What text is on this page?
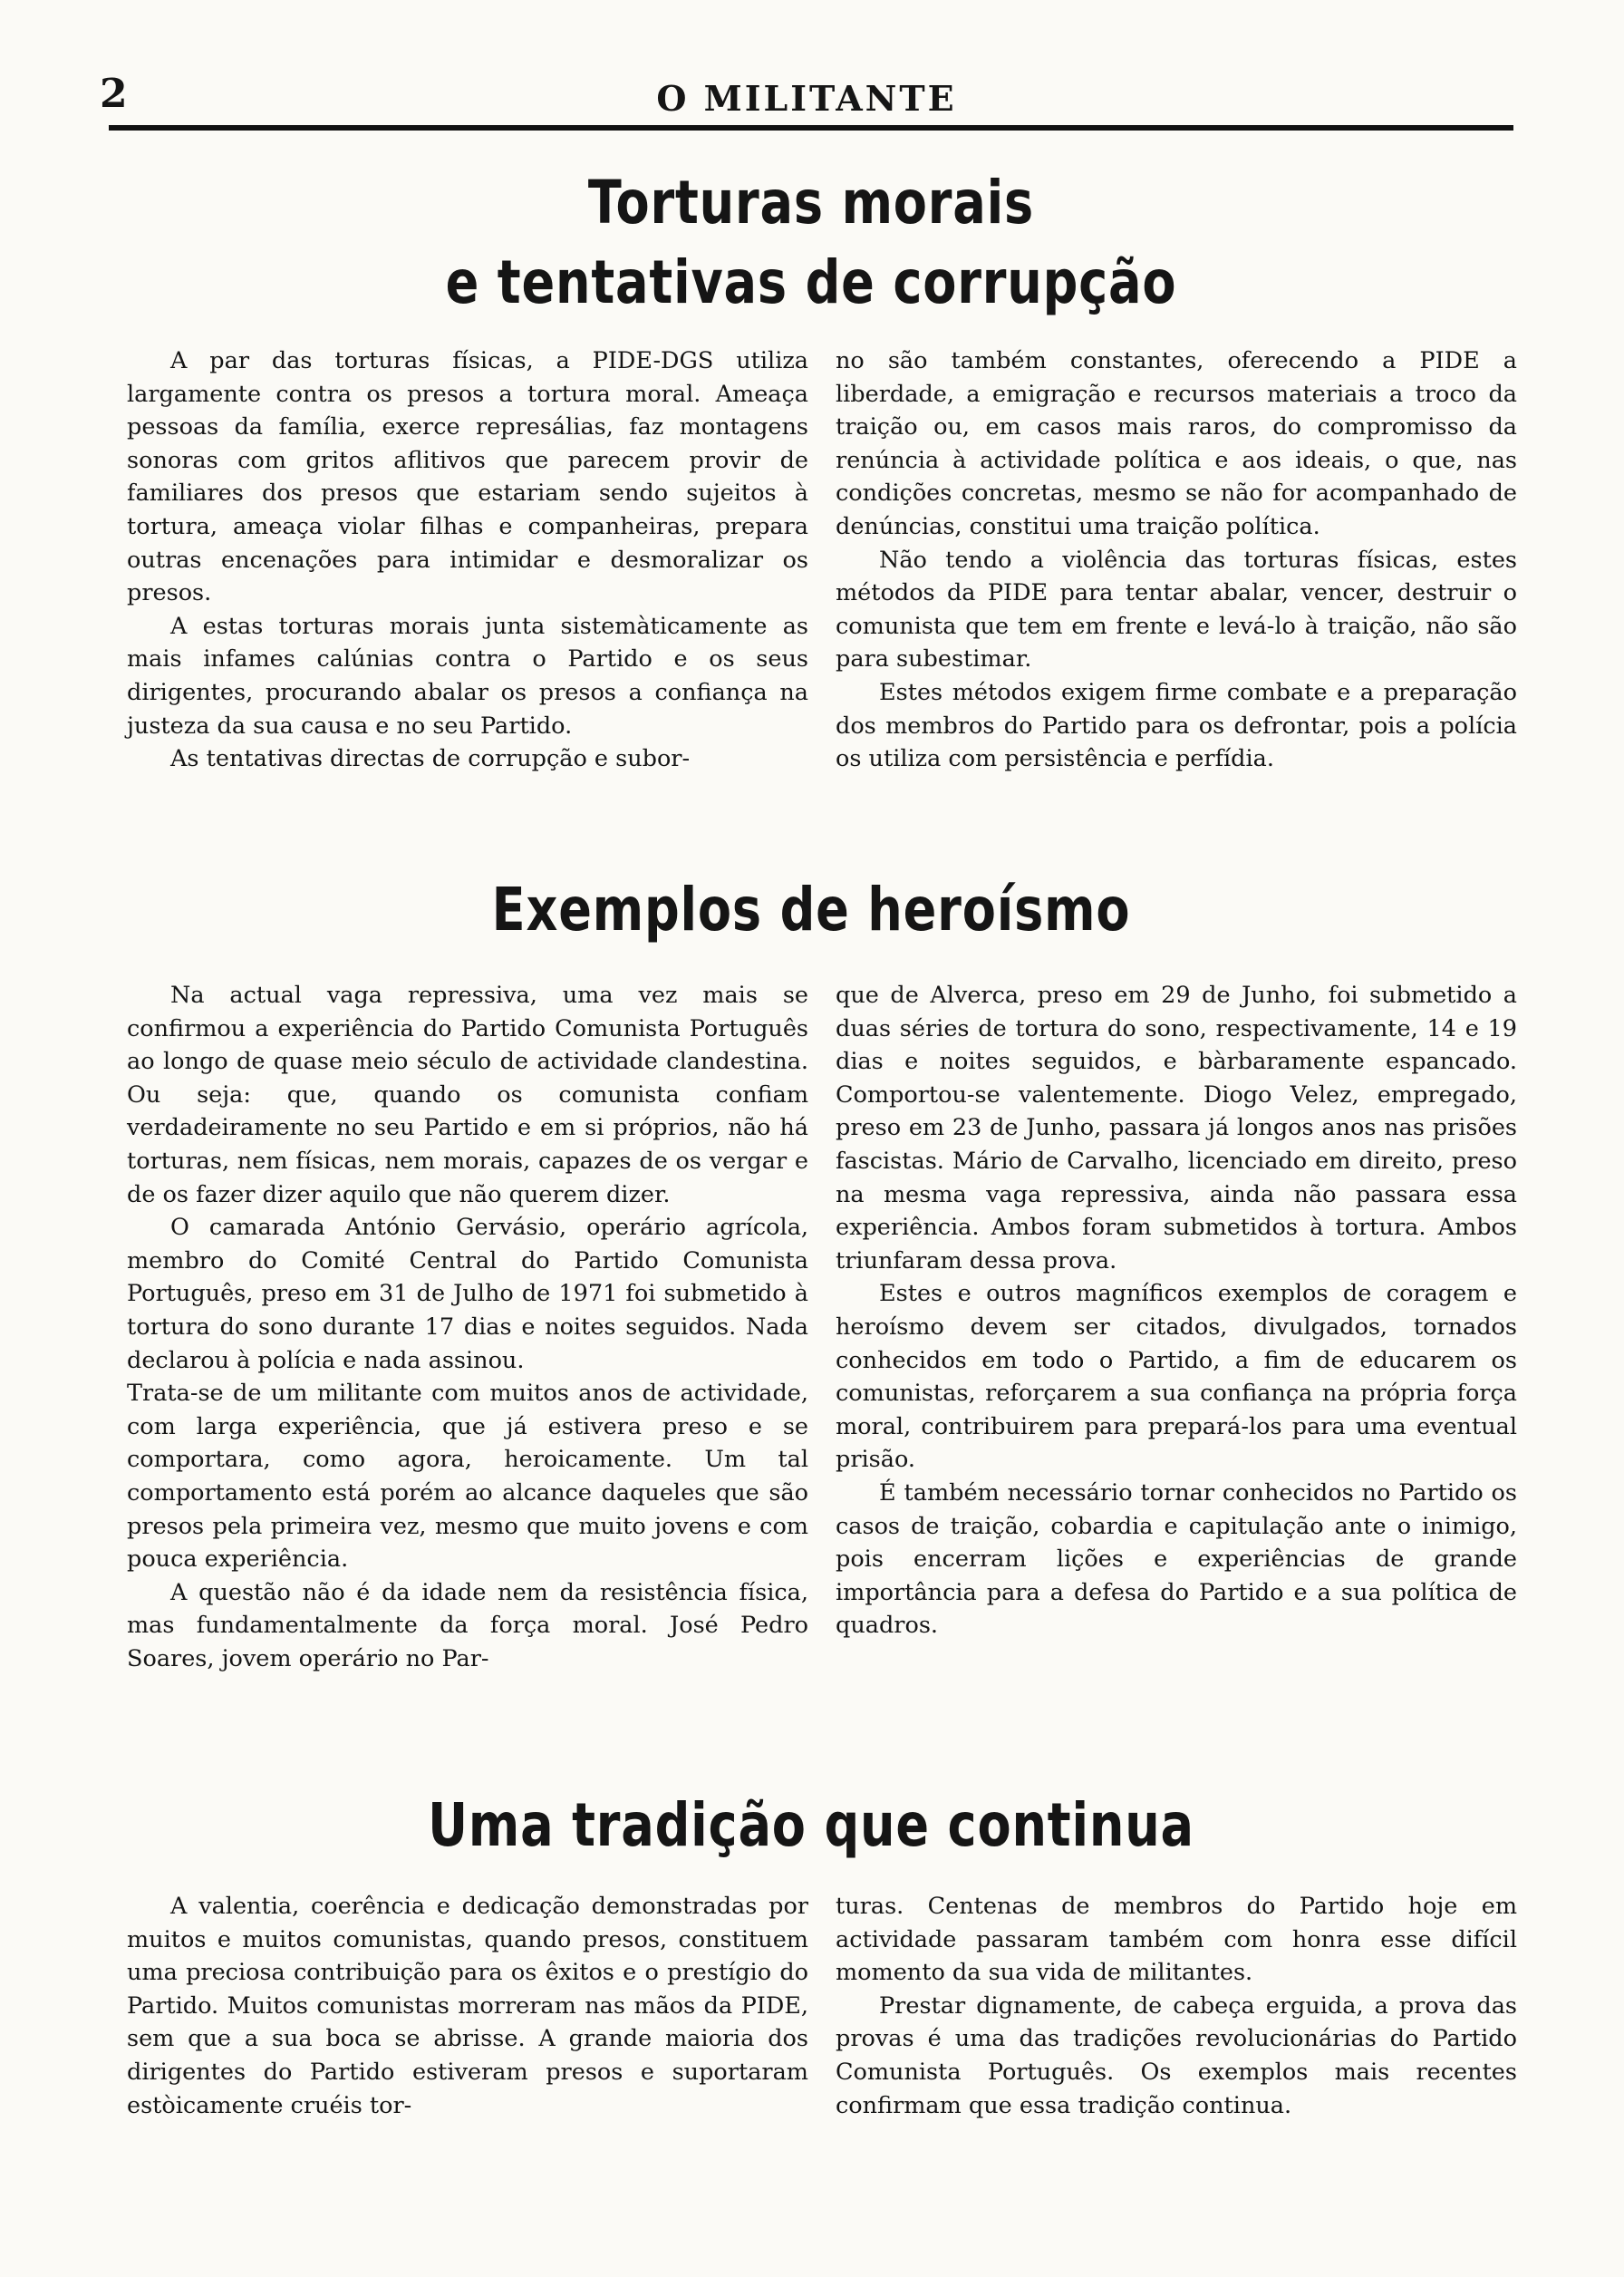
2	O MILITANTE
Torturas morais
e tentativas de corrupção

A par das torturas físicas, a PIDE-DGS utiliza largamente contra os presos a tortura moral. Ameaça pessoas da família, exerce represálias, faz montagens sonoras com gritos aflitivos que parecem provir de familiares dos presos que estariam sendo sujeitos à tortura, ameaça violar filhas e companheiras, prepara outras encenações para intimidar e desmoralizar os presos.

A estas torturas morais junta sistemàticamente as mais infames calúnias contra o Partido e os seus dirigentes, procurando abalar os presos a confiança na justeza da sua causa e no seu Partido.

As tentativas directas de corrupção e subor-

no são também constantes, oferecendo a PIDE a liberdade, a emigração e recursos materiais a troco da traição ou, em casos mais raros, do compromisso da renúncia à actividade política e aos ideais, o que, nas condições concretas, mesmo se não for acompanhado de denúncias, constitui uma traição política.

Não tendo a violência das torturas físicas, estes métodos da PIDE para tentar abalar, vencer, destruir o comunista que tem em frente e levá-lo à traição, não são para subestimar.

Estes métodos exigem firme combate e a preparação dos membros do Partido para os defrontar, pois a polícia os utiliza com persistência e perfídia.

Exemplos de heroísmo

Na actual vaga repressiva, uma vez mais se confirmou a experiência do Partido Comunista Português ao longo de quase meio século de actividade clandestina. Ou seja: que, quando os comunista confiam verdadeiramente no seu Partido e em si próprios, não há torturas, nem físicas, nem morais, capazes de os vergar e de os fazer dizer aquilo que não querem dizer.

O camarada António Gervásio, operário agrícola, membro do Comité Central do Partido Comunista Português, preso em 31 de Julho de 1971 foi submetido à tortura do sono durante 17 dias e noites seguidos. Nada declarou à polícia e nada assinou.

Trata-se de um militante com muitos anos de actividade, com larga experiência, que já estivera preso e se comportara, como agora, heroicamente. Um tal comportamento está porém ao alcance daqueles que são presos pela primeira vez, mesmo que muito jovens e com pouca experiência.

A questão não é da idade nem da resistência física, mas fundamentalmente da força moral. José Pedro Soares, jovem operário no Par-

que de Alverca, preso em 29 de Junho, foi submetido a duas séries de tortura do sono, respectivamente, 14 e 19 dias e noites seguidos, e bàrbaramente espancado. Comportou-se valentemente. Diogo Velez, empregado, preso em 23 de Junho, passara já longos anos nas prisões fascistas. Mário de Carvalho, licenciado em direito, preso na mesma vaga repressiva, ainda não passara essa experiência. Ambos foram submetidos à tortura. Ambos triunfaram dessa prova.

Estes e outros magníficos exemplos de coragem e heroísmo devem ser citados, divulgados, tornados conhecidos em todo o Partido, a fim de educarem os comunistas, reforçarem a sua confiança na própria força moral, contribuirem para prepará-los para uma eventual prisão.

É também necessário tornar conhecidos no Partido os casos de traição, cobardia e capitulação ante o inimigo, pois encerram lições e experiências de grande importância para a defesa do Partido e a sua política de quadros.

Uma tradição que continua

A valentia, coerência e dedicação demonstradas por muitos e muitos comunistas, quando presos, constituem uma preciosa contribuição para os êxitos e o prestígio do Partido. Muitos comunistas morreram nas mãos da PIDE, sem que a sua boca se abrisse. A grande maioria dos dirigentes do Partido estiveram presos e suportaram estòicamente cruéis tor-

turas. Centenas de membros do Partido hoje em actividade passaram também com honra esse difícil momento da sua vida de militantes.

Prestar dignamente, de cabeça erguida, a prova das provas é uma das tradições revolucionárias do Partido Comunista Português. Os exemplos mais recentes confirmam que essa tradição continua.
